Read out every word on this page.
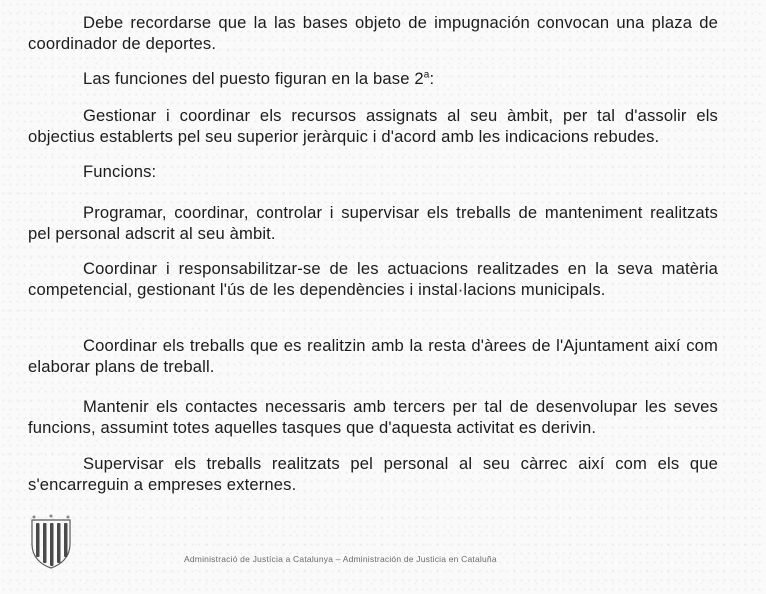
Debe recordarse que la las bases objeto de impugnación convocan una plaza de coordinador de deportes.

Las funciones del puesto figuran en la base 2$^a$:

Gestionar i coordinar els recursos assignats al seu àmbit, per tal d'assolir els objectius establerts pel seu superior jeràrquic i d'acord amb les indicacions rebudes.

Funcions:

Programar, coordinar, controlar i supervisar els treballs de manteniment realitzats pel personal adscrit al seu àmbit.

Coordinar i responsabilitzar-se de les actuacions realitzades en la seva matèria competencial, gestionant l'ús de les dependències i instal·lacions municipals.

Coordinar els treballs que es realitzin amb la resta d'àrees de l'Ajuntament així com elaborar plans de treball.

Mantenir els contactes necessaris amb tercers per tal de desenvolupar les seves funcions, assumint totes aquelles tasques que d'aquesta activitat es derivin.

Supervisar els treballs realitzats pel personal al seu càrrec així com els que s'encarreguin a empreses externes.

Administració de Justícia a Catalunya – Administración de Justicia en Cataluña
